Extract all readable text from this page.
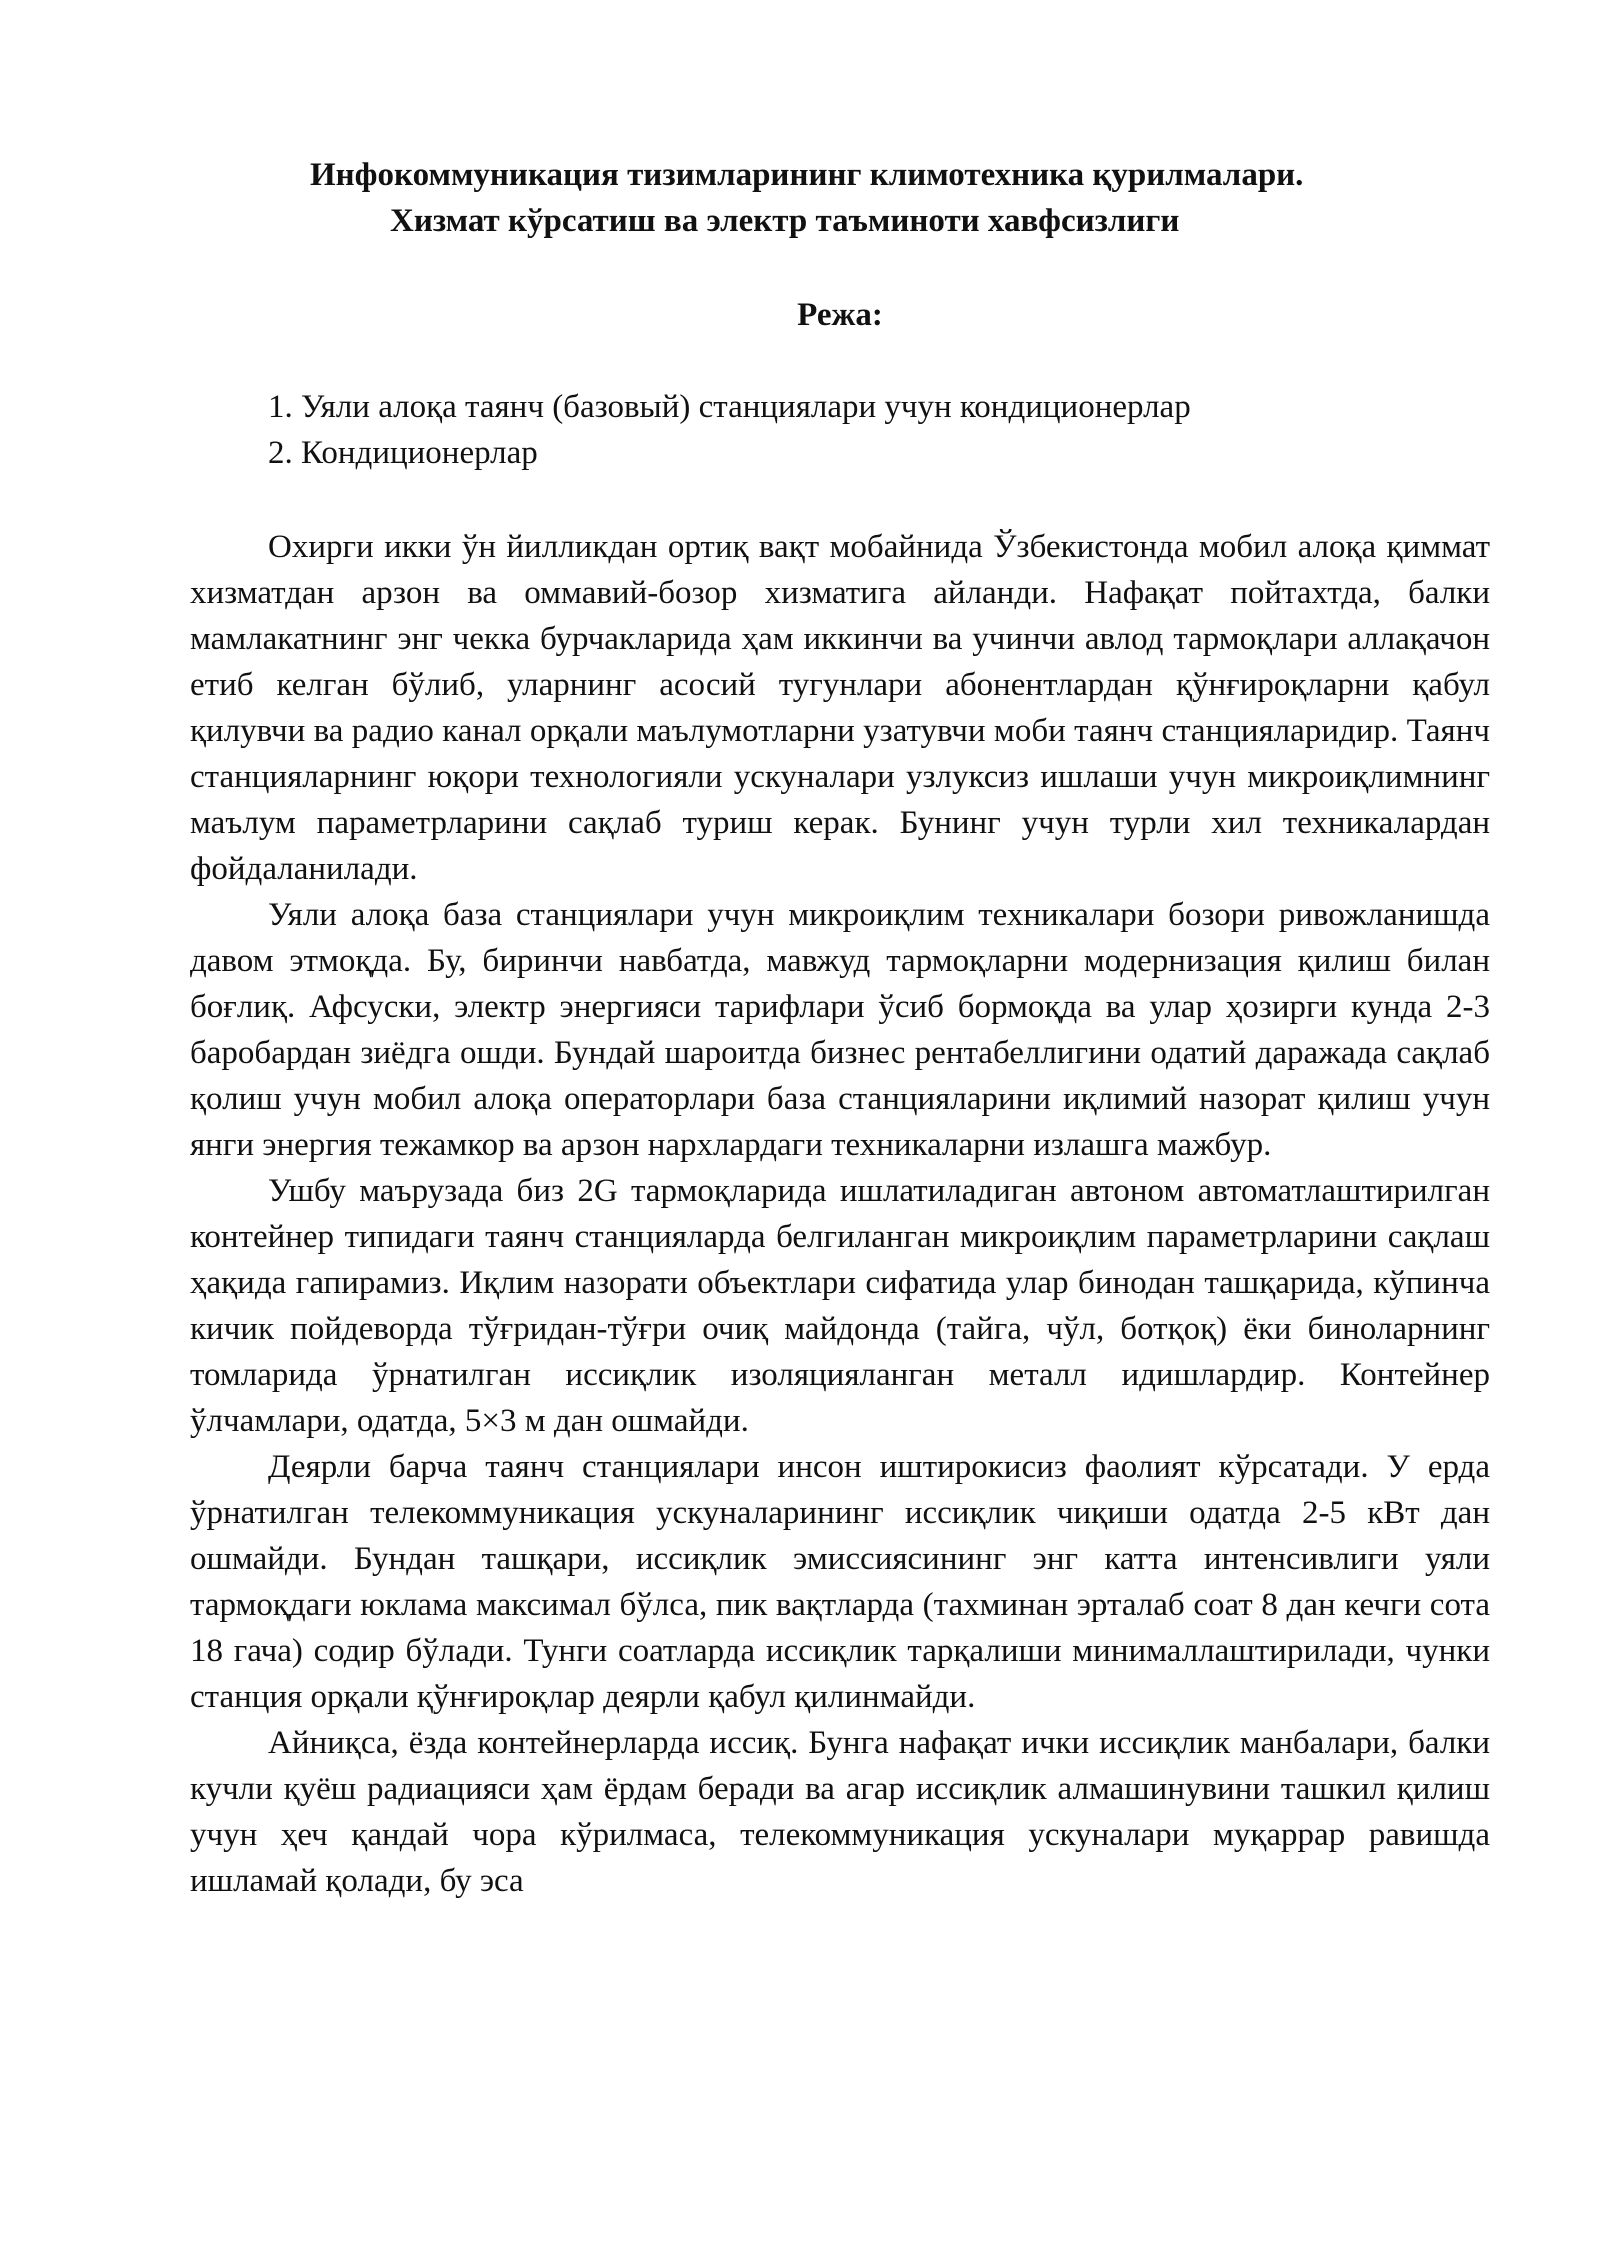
Инфокоммуникация тизимларининг климотехника қурилмалари.
Хизмат кўрсатиш ва электр таъминоти хавфсизлиги
Режа:
1. Уяли алоқа таянч (базовый) станциялари учун кондиционерлар
2. Кондиционерлар

Охирги икки ўн йилликдан ортиқ вақт мобайнида Ўзбекистонда мобил алоқа қиммат хизматдан арзон ва оммавий-бозор хизматига айланди. Нафақат пойтахтда, балки мамлакатнинг энг чекка бурчакларида ҳам иккинчи ва учинчи авлод тармоқлари аллақачон етиб келган бўлиб, уларнинг асосий тугунлари абонентлардан қўнғироқларни қабул қилувчи ва радио канал орқали маълумотларни узатувчи моби таянч станцияларидир. Таянч станцияларнинг юқори технологияли ускуналари узлуксиз ишлаши учун микроиқлимнинг маълум параметрларини сақлаб туриш керак. Бунинг учун турли хил техникалардан фойдаланилади.

Уяли алоқа база станциялари учун микроиқлим техникалари бозори ривожланишда давом этмоқда. Бу, биринчи навбатда, мавжуд тармоқларни модернизация қилиш билан боғлиқ. Афсуски, электр энергияси тарифлари ўсиб бормоқда ва улар ҳозирги кунда 2-3 баробардан зиёдга ошди. Бундай шароитда бизнес рентабеллигини одатий даражада сақлаб қолиш учун мобил алоқа операторлари база станцияларини иқлимий назорат қилиш учун янги энергия тежамкор ва арзон нархлардаги техникаларни излашга мажбур.

Ушбу маърузада биз 2G тармоқларида ишлатиладиган автоном автоматлаштирилган контейнер типидаги таянч станцияларда белгиланган микроиқлим параметрларини сақлаш ҳақида гапирамиз. Иқлим назорати объектлари сифатида улар бинодан ташқарида, кўпинча кичик пойдеворда тўғридан-тўғри очиқ майдонда (тайга, чўл, ботқоқ) ёки биноларнинг томларида ўрнатилган иссиқлик изоляцияланган металл идишлардир. Контейнер ўлчамлари, одатда, 5×3 м дан ошмайди.

Деярли барча таянч станциялари инсон иштирокисиз фаолият кўрсатади. У ерда ўрнатилган телекоммуникация ускуналарининг иссиқлик чиқиши одатда 2-5 кВт дан ошмайди. Бундан ташқари, иссиқлик эмиссиясининг энг катта интенсивлиги уяли тармоқдаги юклама максимал бўлса, пик вақтларда (тахминан эрталаб соат 8 дан кечги сота 18 гача) содир бўлади. Тунги соатларда иссиқлик тарқалиши минималлаштирилади, чунки станция орқали қўнғироқлар деярли қабул қилинмайди.

Айниқса, ёзда контейнерларда иссиқ. Бунга нафақат ички иссиқлик манбалари, балки кучли қуёш радиацияси ҳам ёрдам беради ва агар иссиқлик алмашинувини ташкил қилиш учун ҳеч қандай чора кўрилмаса, телекоммуникация ускуналари муқаррар равишда ишламай қолади, бу эса
